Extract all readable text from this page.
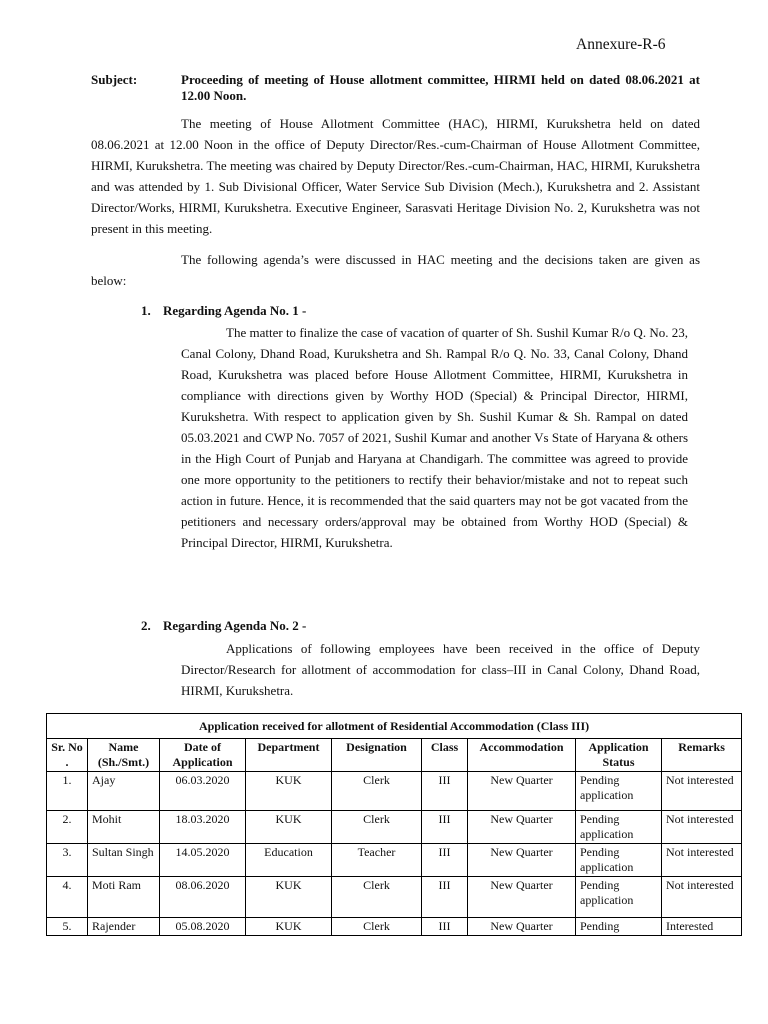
Annexure-R-6
Subject:	Proceeding of meeting of House allotment committee, HIRMI held on dated 08.06.2021 at 12.00 Noon.
The meeting of House Allotment Committee (HAC), HIRMI, Kurukshetra held on dated 08.06.2021 at 12.00 Noon in the office of Deputy Director/Res.-cum-Chairman of House Allotment Committee, HIRMI, Kurukshetra. The meeting was chaired by Deputy Director/Res.-cum-Chairman, HAC, HIRMI, Kurukshetra and was attended by 1. Sub Divisional Officer, Water Service Sub Division (Mech.), Kurukshetra and 2. Assistant Director/Works, HIRMI, Kurukshetra. Executive Engineer, Sarasvati Heritage Division No. 2, Kurukshetra was not present in this meeting.
The following agenda’s were discussed in HAC meeting and the decisions taken are given as below:
1. Regarding Agenda No. 1 -
The matter to finalize the case of vacation of quarter of Sh. Sushil Kumar R/o Q. No. 23, Canal Colony, Dhand Road, Kurukshetra and Sh. Rampal R/o Q. No. 33, Canal Colony, Dhand Road, Kurukshetra was placed before House Allotment Committee, HIRMI, Kurukshetra in compliance with directions given by Worthy HOD (Special) & Principal Director, HIRMI, Kurukshetra. With respect to application given by Sh. Sushil Kumar & Sh. Rampal on dated 05.03.2021 and CWP No. 7057 of 2021, Sushil Kumar and another Vs State of Haryana & others in the High Court of Punjab and Haryana at Chandigarh. The committee was agreed to provide one more opportunity to the petitioners to rectify their behavior/mistake and not to repeat such action in future. Hence, it is recommended that the said quarters may not be got vacated from the petitioners and necessary orders/approval may be obtained from Worthy HOD (Special) & Principal Director, HIRMI, Kurukshetra.
2. Regarding Agenda No. 2 -
Applications of following employees have been received in the office of Deputy Director/Research for allotment of accommodation for class–III in Canal Colony, Dhand Road, HIRMI, Kurukshetra.
Application received for allotment of Residential Accommodation (Class III)								
Sr. No .	Name (Sh./Smt.)	Date of Application	Department	Designation	Class	Accommodation	Application Status	Remarks
1.	Ajay	06.03.2020	KUK	Clerk	III	New Quarter	Pending application	Not interested
2.	Mohit	18.03.2020	KUK	Clerk	III	New Quarter	Pending application	Not interested
3.	Sultan Singh	14.05.2020	Education	Teacher	III	New Quarter	Pending application	Not interested
4.	Moti Ram	08.06.2020	KUK	Clerk	III	New Quarter	Pending application	Not interested
5.	Rajender	05.08.2020	KUK	Clerk	III	New Quarter	Pending	Interested
